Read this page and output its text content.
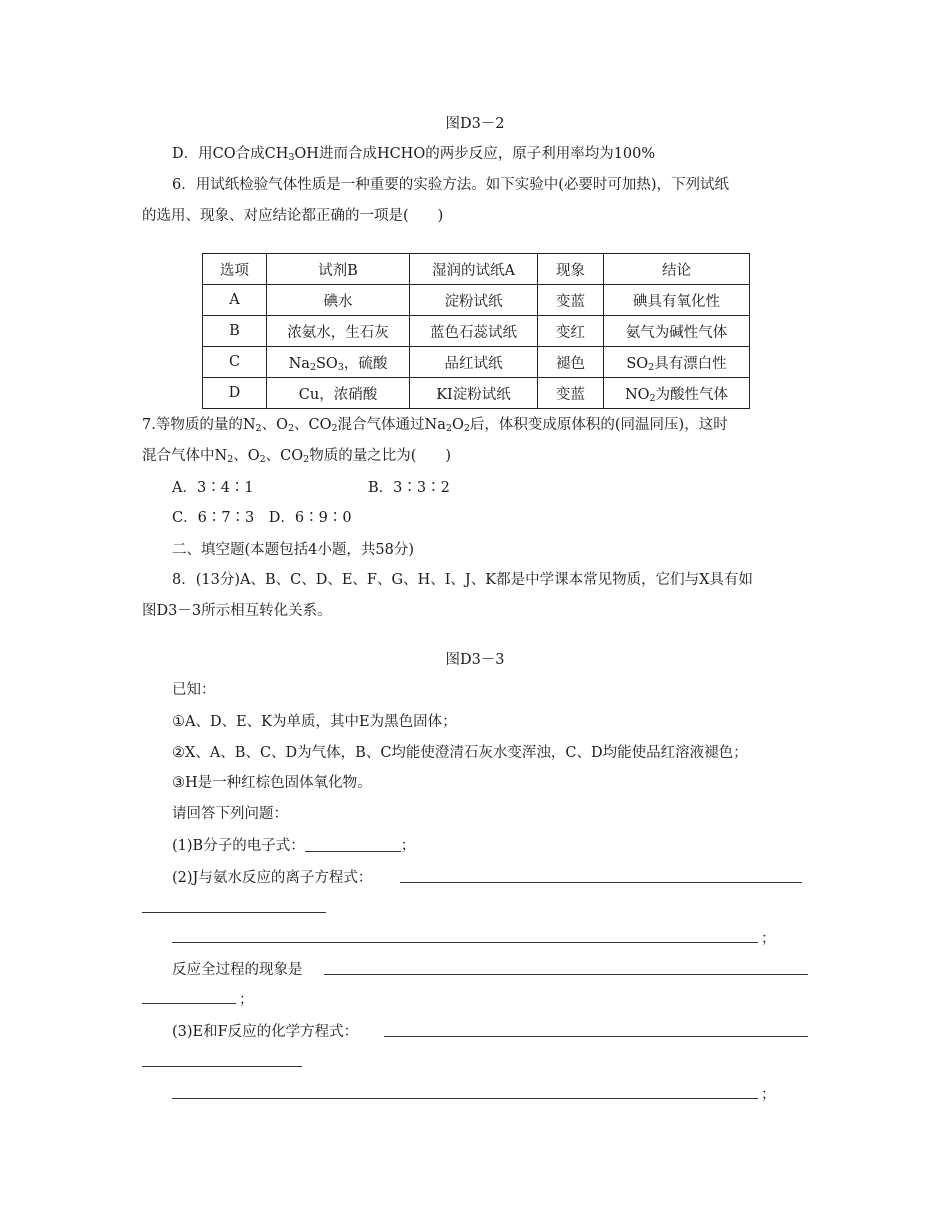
图D3－2
D．用CO合成$CH_3OH$进而合成HCHO的两步反应，原子利用率均为100%
6．用试纸检验气体性质是一种重要的实验方法。如下实验中(必要时可加热)，下列试纸
的选用、现象、对应结论都正确的一项是(　　)
选项	试剂B	湿润的试纸A	现象	结论
A	碘水	淀粉试纸	变蓝	碘具有氧化性
B	浓氨水，生石灰	蓝色石蕊试纸	变红	氨气为碱性气体
C	$Na_2SO_3$，硫酸	品红试纸	褪色	$SO_2$具有漂白性
D	Cu，浓硝酸	KI淀粉试纸	变蓝	$NO_2$为酸性气体
7.等物质的量的$N_2$、$O_2$、$CO_2$混合气体通过$Na_2O_2$后，体积变成原体积的(同温同压)，这时
混合气体中$N_2$、$O_2$、$CO_2$物质的量之比为(　　)
A．3∶4∶1	B．3∶3∶2
C．6∶7∶3　D．6∶9∶0
二、填空题(本题包括4小题，共58分)
8．(13分)A、B、C、D、E、F、G、H、I、J、K都是中学课本常见物质，它们与X具有如
图D3－3所示相互转化关系。
图D3－3
已知：
①A、D、E、K为单质，其中E为黑色固体；
②X、A、B、C、D为气体，B、C均能使澄清石灰水变浑浊，C、D均能使品红溶液褪色；
③H是一种红棕色固体氧化物。
请回答下列问题：
(1)B分子的电子式：	；
(2)J与氨水反应的离子方程式：
；
反应全过程的现象是
；
(3)E和F反应的化学方程式：
；
